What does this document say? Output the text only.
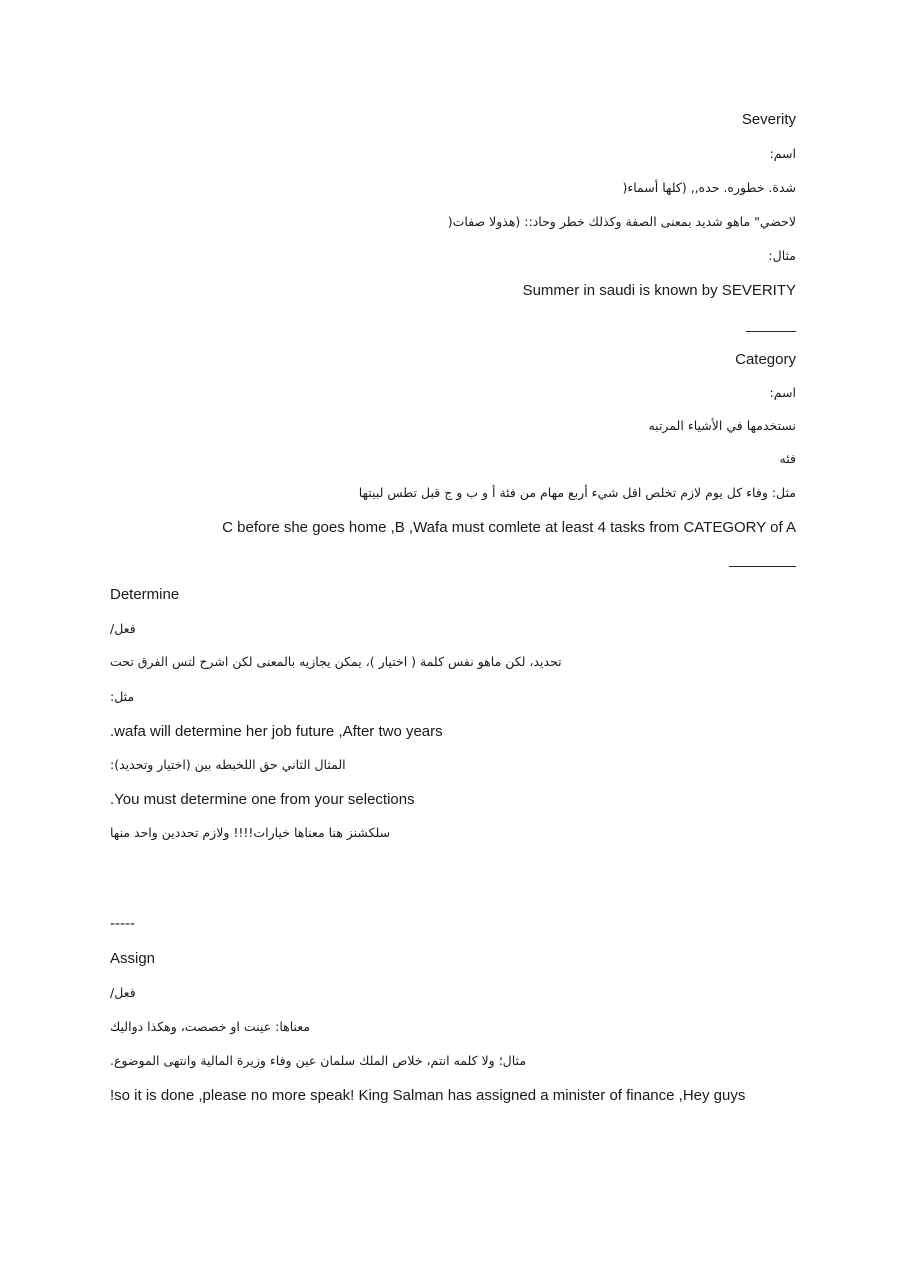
Severity
اسم:
شدة. خطوره. حده,, (كلها أسماء(
لاحضي" ماهو شديد بمعنى الصفة وكذلك خطر وحاد:: (هذولا صفات(
مثال:
Summer in saudi is known by SEVERITY
______
Category
اسم:
نستخدمها في الأشياء المرتبه
فئه
مثل: وفاء كل يوم لازم تخلص اقل شيء أربع مهام من فئة أ و ب و ج قبل تطس لبيتها
C before she goes home ,B ,Wafa must comlete at least 4 tasks from CATEGORY of A
________
Determine
فعل/
تحديد، لكن ماهو نفس كلمة ( اختيار )، يمكن يجازيه بالمعنى لكن اشرح لتس الفرق تحت
مثل:
.wafa will determine her job future ,After two years
المثال الثاني حق اللخبطه بين (اختيار وتحديد):
.You must determine one from your selections
سلكشنز هنا معناها خيارات!!!! ولازم تحددين واحد منها
-----
Assign
فعل/
معناها: عينت او خصصت، وهكذا دواليك
مثال؛ ولا كلمه انتم، خلاص الملك سلمان عين وفاء وزيرة المالية وانتهى الموضوع.
!so it is done ,please no more speak! King Salman has assigned a minister of finance ,Hey guys
